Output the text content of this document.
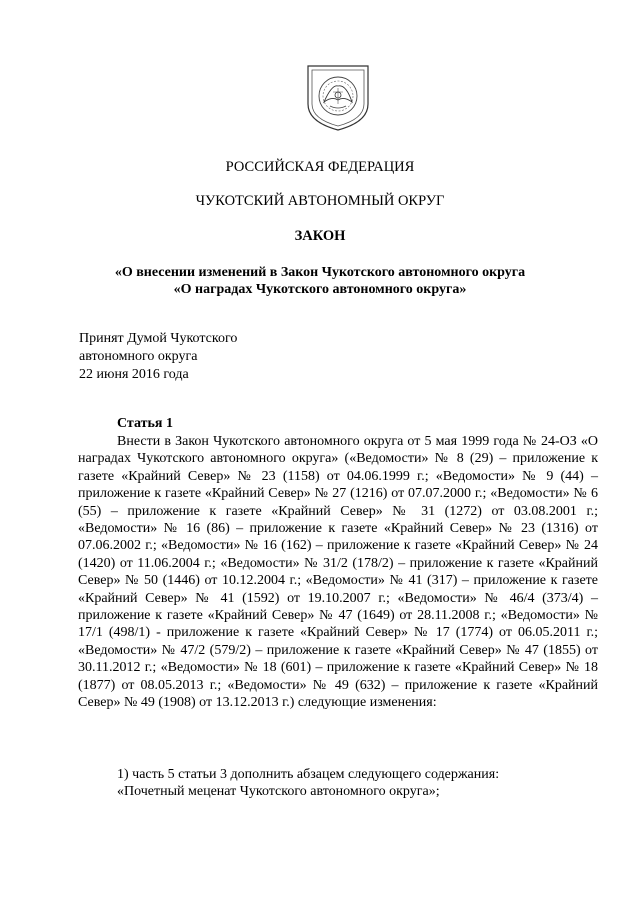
РОССИЙСКАЯ ФЕДЕРАЦИЯ
ЧУКОТСКИЙ АВТОНОМНЫЙ ОКРУГ
ЗАКОН
«О внесении изменений в Закон Чукотского автономного округа
«О наградах Чукотского автономного округа»
Принят Думой Чукотского
автономного округа
22 июня 2016 года
Статья 1

Внести в Закон Чукотского автономного округа от 5 мая 1999 года № 24-ОЗ «О наградах Чукотского автономного округа» («Ведомости» № 8 (29) – приложение к газете «Крайний Север» № 23 (1158) от 04.06.1999 г.; «Ведомости» № 9 (44) – приложение к газете «Крайний Север» № 27 (1216) от 07.07.2000 г.; «Ведомости» № 6 (55) – приложение к газете «Крайний Север» № 31 (1272) от 03.08.2001 г.; «Ведомости» № 16 (86) – приложение к газете «Крайний Север» № 23 (1316) от 07.06.2002 г.; «Ведомости» № 16 (162) – приложение к газете «Крайний Север» № 24 (1420) от 11.06.2004 г.; «Ведомости» № 31/2 (178/2) – приложение к газете «Крайний Север» № 50 (1446) от 10.12.2004 г.; «Ведомости» № 41 (317) – приложение к газете «Крайний Север» № 41 (1592) от 19.10.2007 г.; «Ведомости» № 46/4 (373/4) – приложение к газете «Крайний Север» № 47 (1649) от 28.11.2008 г.; «Ведомости» № 17/1 (498/1) - приложение к газете «Крайний Север» № 17 (1774) от 06.05.2011 г.; «Ведомости» № 47/2 (579/2) – приложение к газете «Крайний Север» № 47 (1855) от 30.11.2012 г.; «Ведомости» № 18 (601) – приложение к газете «Крайний Север» № 18 (1877) от 08.05.2013 г.; «Ведомости» № 49 (632) – приложение к газете «Крайний Север» № 49 (1908) от 13.12.2013 г.) следующие изменения:

1) часть 5 статьи 3 дополнить абзацем следующего содержания:
«Почетный меценат Чукотского автономного округа»;
